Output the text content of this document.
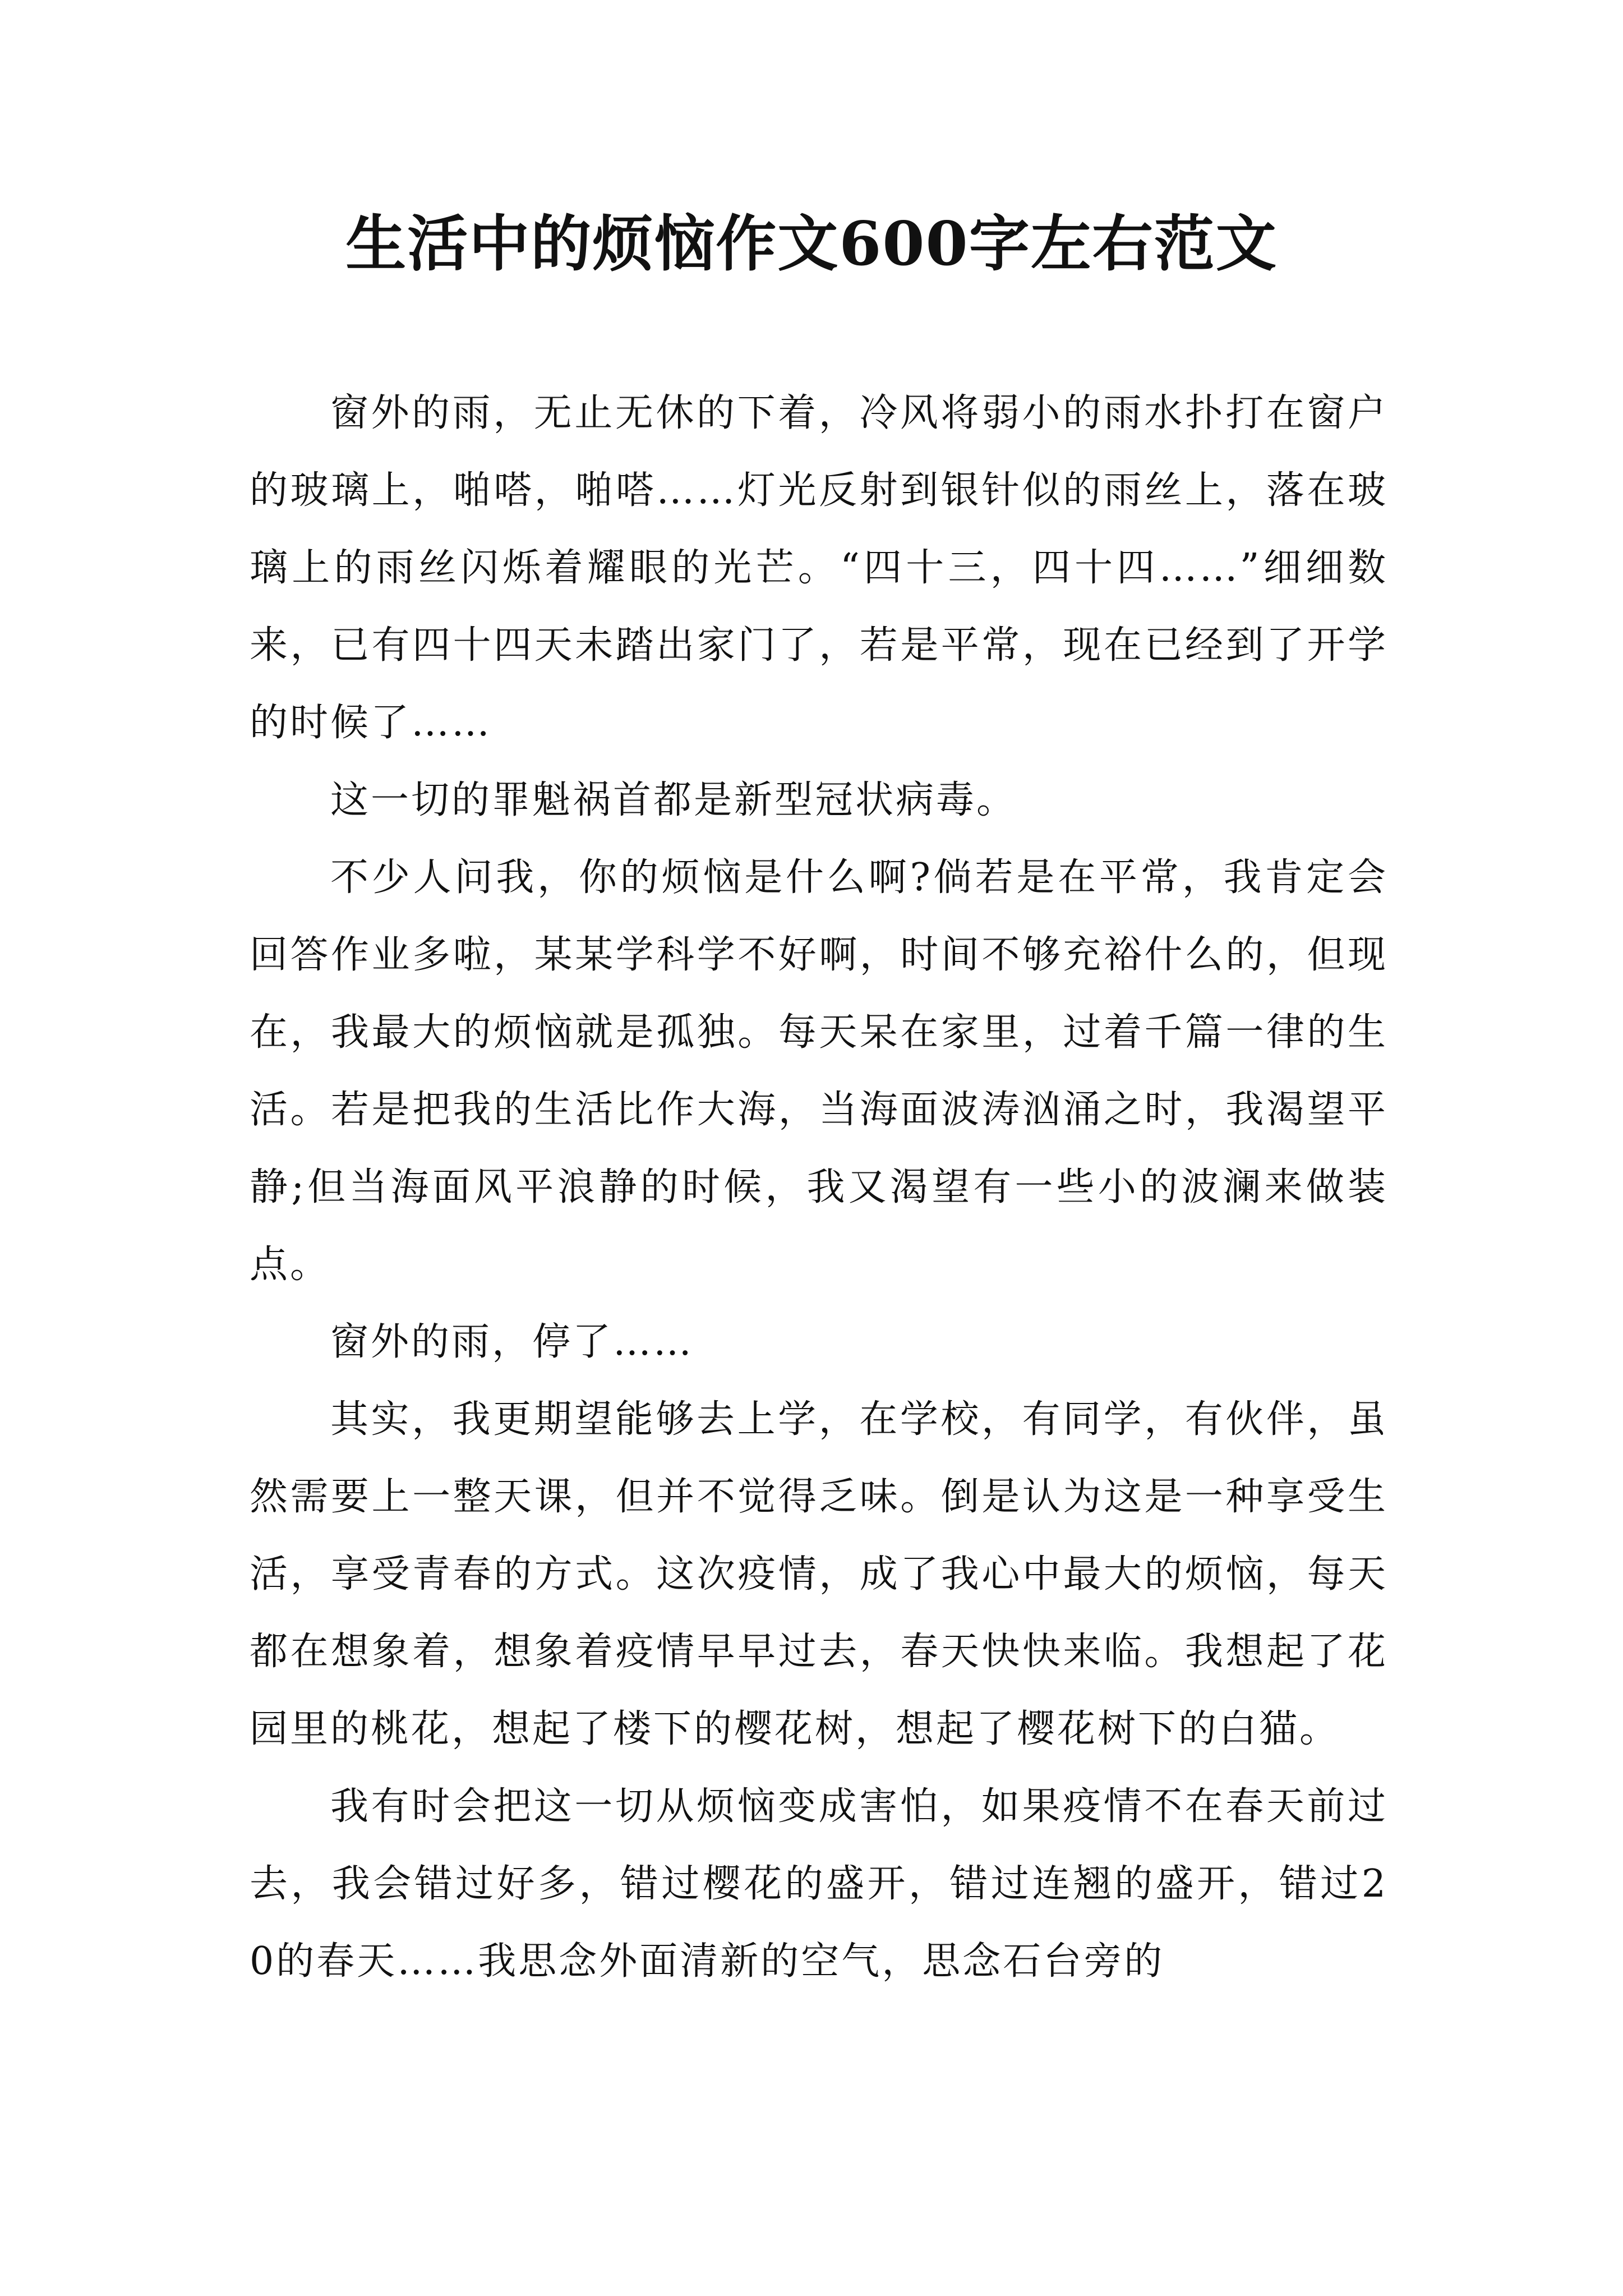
生活中的烦恼作文600字左右范文

窗外的雨，无止无休的下着，冷风将弱小的雨水扑打在窗户的玻璃上，啪嗒，啪嗒……灯光反射到银针似的雨丝上，落在玻璃上的雨丝闪烁着耀眼的光芒。“四十三，四十四……”细细数来，已有四十四天未踏出家门了，若是平常，现在已经到了开学的时候了……

这一切的罪魁祸首都是新型冠状病毒。

不少人问我，你的烦恼是什么啊?倘若是在平常，我肯定会回答作业多啦，某某学科学不好啊，时间不够充裕什么的，但现在，我最大的烦恼就是孤独。每天呆在家里，过着千篇一律的生活。若是把我的生活比作大海，当海面波涛汹涌之时，我渴望平静;但当海面风平浪静的时候，我又渴望有一些小的波澜来做装点。

窗外的雨，停了……

其实，我更期望能够去上学，在学校，有同学，有伙伴，虽然需要上一整天课，但并不觉得乏味。倒是认为这是一种享受生活，享受青春的方式。这次疫情，成了我心中最大的烦恼，每天都在想象着，想象着疫情早早过去，春天快快来临。我想起了花园里的桃花，想起了楼下的樱花树，想起了樱花树下的白猫。

我有时会把这一切从烦恼变成害怕，如果疫情不在春天前过去，我会错过好多，错过樱花的盛开，错过连翘的盛开，错过20的春天……我思念外面清新的空气，思念石台旁的
